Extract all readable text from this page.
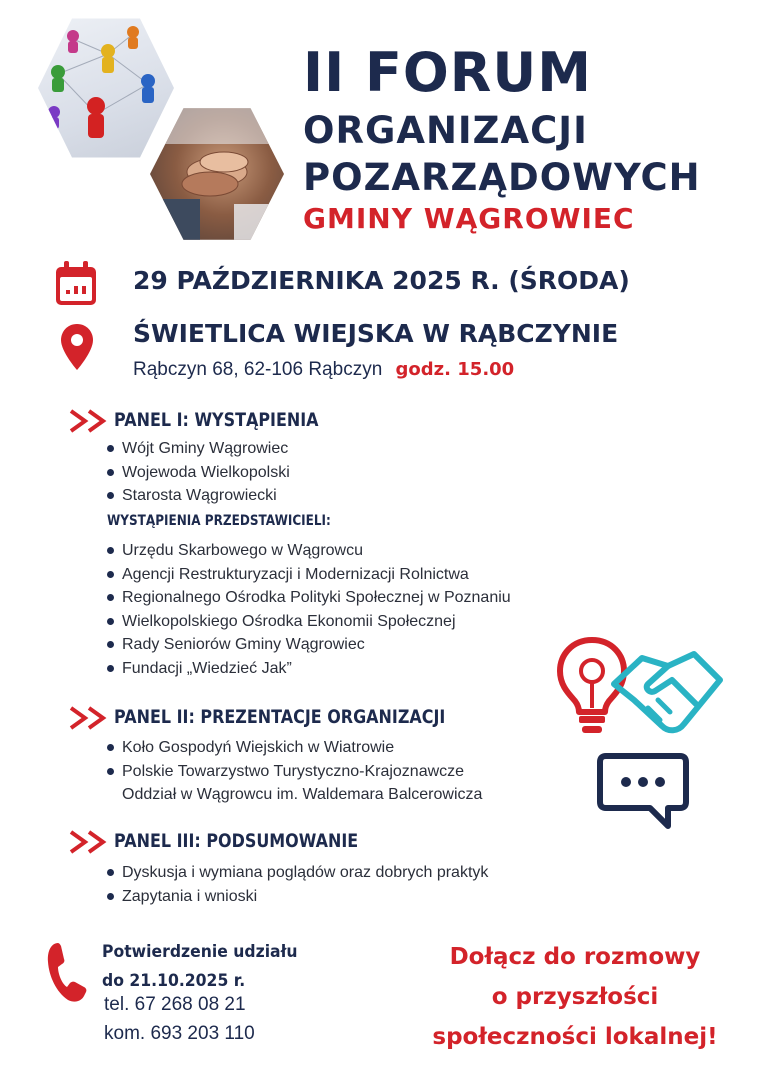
II FORUM
ORGANIZACJI
POZARZĄDOWYCH
GMINY WĄGROWIEC

29 PAŹDZIERNIKA 2025 R. (ŚRODA)

ŚWIETLICA WIEJSKA W RĄBCZYNIE

Rąbczyn 68, 62-106 Rąbczyn godz. 15.00

PANEL I: WYSTĄPIENIA

Wójt Gminy Wągrowiec
Wojewoda Wielkopolski
Starosta Wągrowiecki

WYSTĄPIENIA PRZEDSTAWICIELI:

Urzędu Skarbowego w Wągrowcu
Agencji Restrukturyzacji i Modernizacji Rolnictwa
Regionalnego Ośrodka Polityki Społecznej w Poznaniu
Wielkopolskiego Ośrodka Ekonomii Społecznej
Rady Seniorów Gminy Wągrowiec
Fundacji „Wiedzieć Jak”

PANEL II: PREZENTACJE ORGANIZACJI

Koło Gospodyń Wiejskich w Wiatrowie
Polskie Towarzystwo Turystyczno-Krajoznawcze
Oddział w Wągrowcu im. Waldemara Balcerowicza

PANEL III: PODSUMOWANIE

Dyskusja i wymiana poglądów oraz dobrych praktyk
Zapytania i wnioski

Potwierdzenie udziału
do 21.10.2025 r.

tel. 67 268 08 21

kom. 693 203 110

Dołącz do rozmowy
o przyszłości
społeczności lokalnej!
